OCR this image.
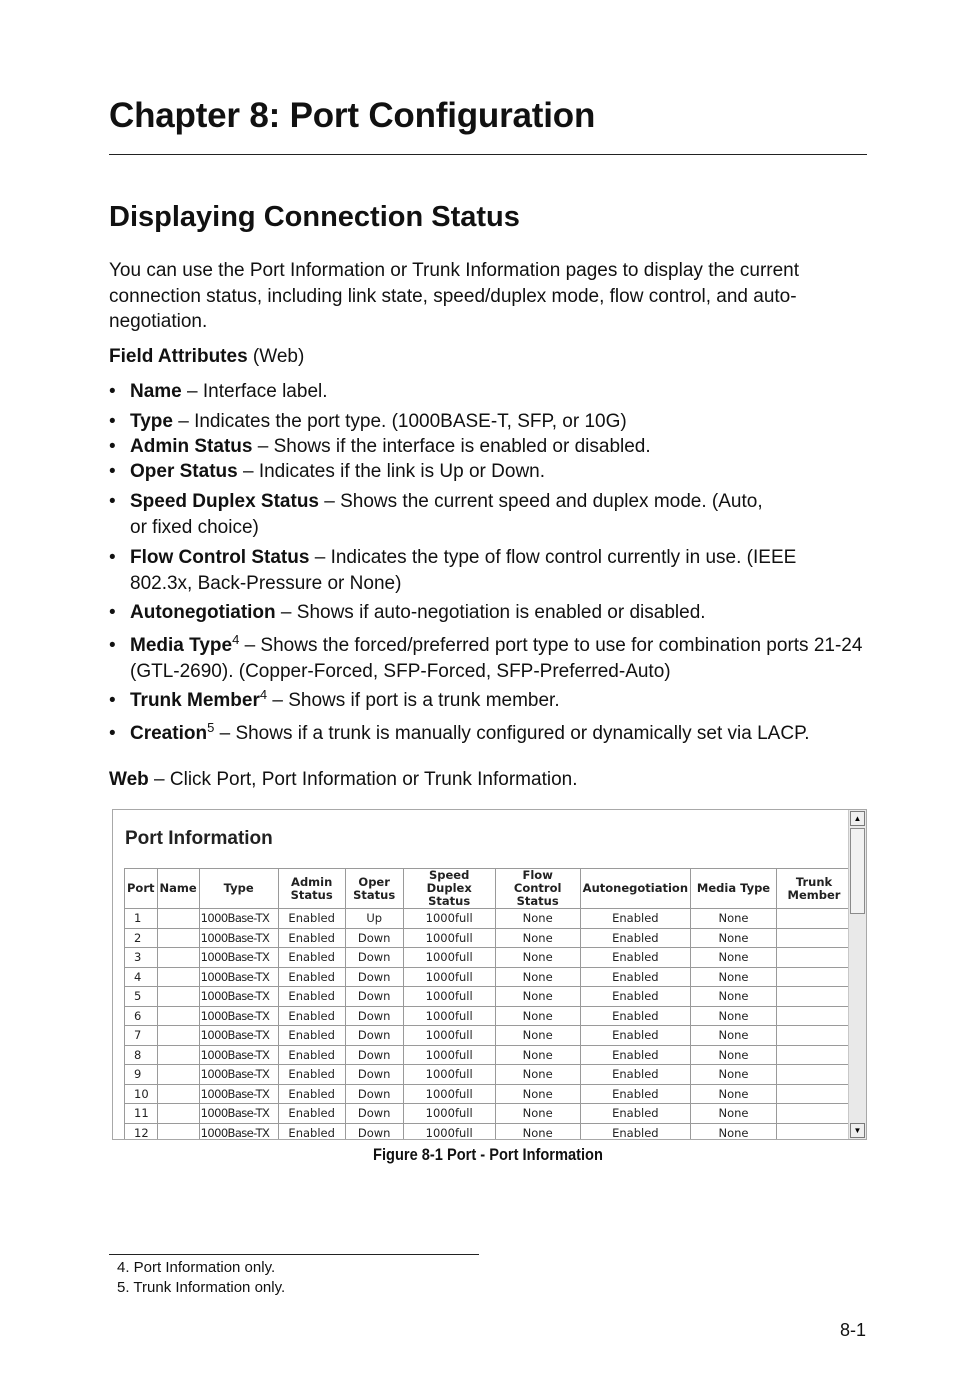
Chapter 8: Port Configuration
Displaying Connection Status

You can use the Port Information or Trunk Information pages to display the current connection status, including link state, speed/duplex mode, flow control, and auto-negotiation.

Field Attributes (Web)

• Name – Interface label.
• Type – Indicates the port type. (1000BASE-T, SFP, or 10G)
• Admin Status – Shows if the interface is enabled or disabled.
• Oper Status – Indicates if the link is Up or Down.
• Speed Duplex Status – Shows the current speed and duplex mode. (Auto, or fixed choice)
• Flow Control Status – Indicates the type of flow control currently in use. (IEEE 802.3x, Back-Pressure or None)
• Autonegotiation – Shows if auto-negotiation is enabled or disabled.
• Media Type$^4$ – Shows the forced/preferred port type to use for combination ports 21-24 (GTL-2690). (Copper-Forced, SFP-Forced, SFP-Preferred-Auto)
• Trunk Member$^4$ – Shows if port is a trunk member.
• Creation$^5$ – Shows if a trunk is manually configured or dynamically set via LACP.

Web – Click Port, Port Information or Trunk Information.

Port Information
Port	Name	Type	Admin Status	Oper Status	Speed Duplex Status	Flow Control Status	Autonegotiation	Media Type	Trunk Member
1		1000Base-TX	Enabled	Up	1000full	None	Enabled	None	
2		1000Base-TX	Enabled	Down	1000full	None	Enabled	None	
3		1000Base-TX	Enabled	Down	1000full	None	Enabled	None	
4		1000Base-TX	Enabled	Down	1000full	None	Enabled	None	
5		1000Base-TX	Enabled	Down	1000full	None	Enabled	None	
6		1000Base-TX	Enabled	Down	1000full	None	Enabled	None	
7		1000Base-TX	Enabled	Down	1000full	None	Enabled	None	
8		1000Base-TX	Enabled	Down	1000full	None	Enabled	None	
9		1000Base-TX	Enabled	Down	1000full	None	Enabled	None	
10		1000Base-TX	Enabled	Down	1000full	None	Enabled	None	
11		1000Base-TX	Enabled	Down	1000full	None	Enabled	None	
12		1000Base-TX	Enabled	Down	1000full	None	Enabled	None	
▲
▼

Figure 8-1 Port - Port Information

4. Port Information only.
5. Trunk Information only.

8-1
